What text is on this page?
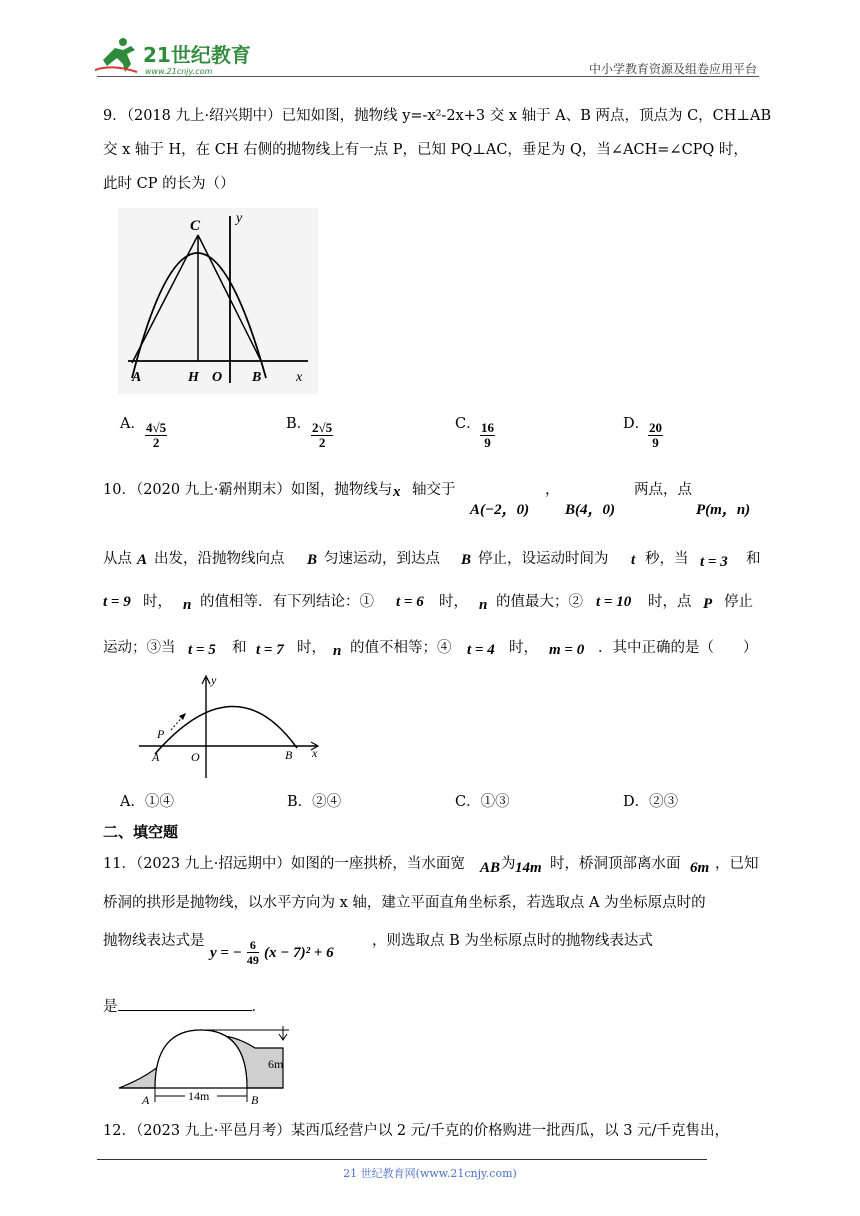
21世纪教育
www.21cnjy.com	中小学教育资源及组卷应用平台
9．（2018 九上·绍兴期中）已知如图，抛物线 y=-x²-2x+3 交 x 轴于 A、B 两点，顶点为 C，CH⊥AB
交 x 轴于 H，在 CH 右侧的抛物线上有一点 P，已知 PQ⊥AC，垂足为 Q，当∠ACH=∠CPQ 时，
此时 CP 的长为（）
C	y
A	H O B x
A． $\frac{4√5}{2}$	B． $\frac{2√5}{2}$	C． $\frac{16}{9}$	D．
$\frac{20}{9}$
10．（2020 九上·霸州期末）如图，抛物线与 x 轴交于
A(−2，0)
，
B(4，0)
两点，点
P(m，n)
从点 A 出发，沿抛物线向点 B 匀速运动，到达点 B 停止，设运动时间为 t 秒，当 t = 3 和
t = 9 时， n 的值相等．有下列结论：① t = 6 时， n 的值最大；② t = 10 时，点 P 停止
运动；③当 t = 5 和 t = 7 时， n 的值不相等；④ t = 4 时， m = 0 ．其中正确的是（　　）
y
P
O
A	B x
A．①④	B．②④	C．①③	D．②③
二、填空题
11．（2023 九上·招远期中）如图的一座拱桥，当水面宽 AB 为 14m 时，桥洞顶部离水面 6m ，已知
桥洞的拱形是抛物线，以水平方向为 x 轴，建立平面直角坐标系，若选取点 A 为坐标原点时的
抛物线表达式是
y = − $\frac{6}{49} (x - 7)^2 + 6$
，则选取点 B 为坐标原点时的抛物线表达式
是	．
6m
A	14m	B
12．（2023 九上·平邑月考）某西瓜经营户以 2 元/千克的价格购进一批西瓜，以 3 元/千克售出，
21 世纪教育网(www.21cnjy.com)
